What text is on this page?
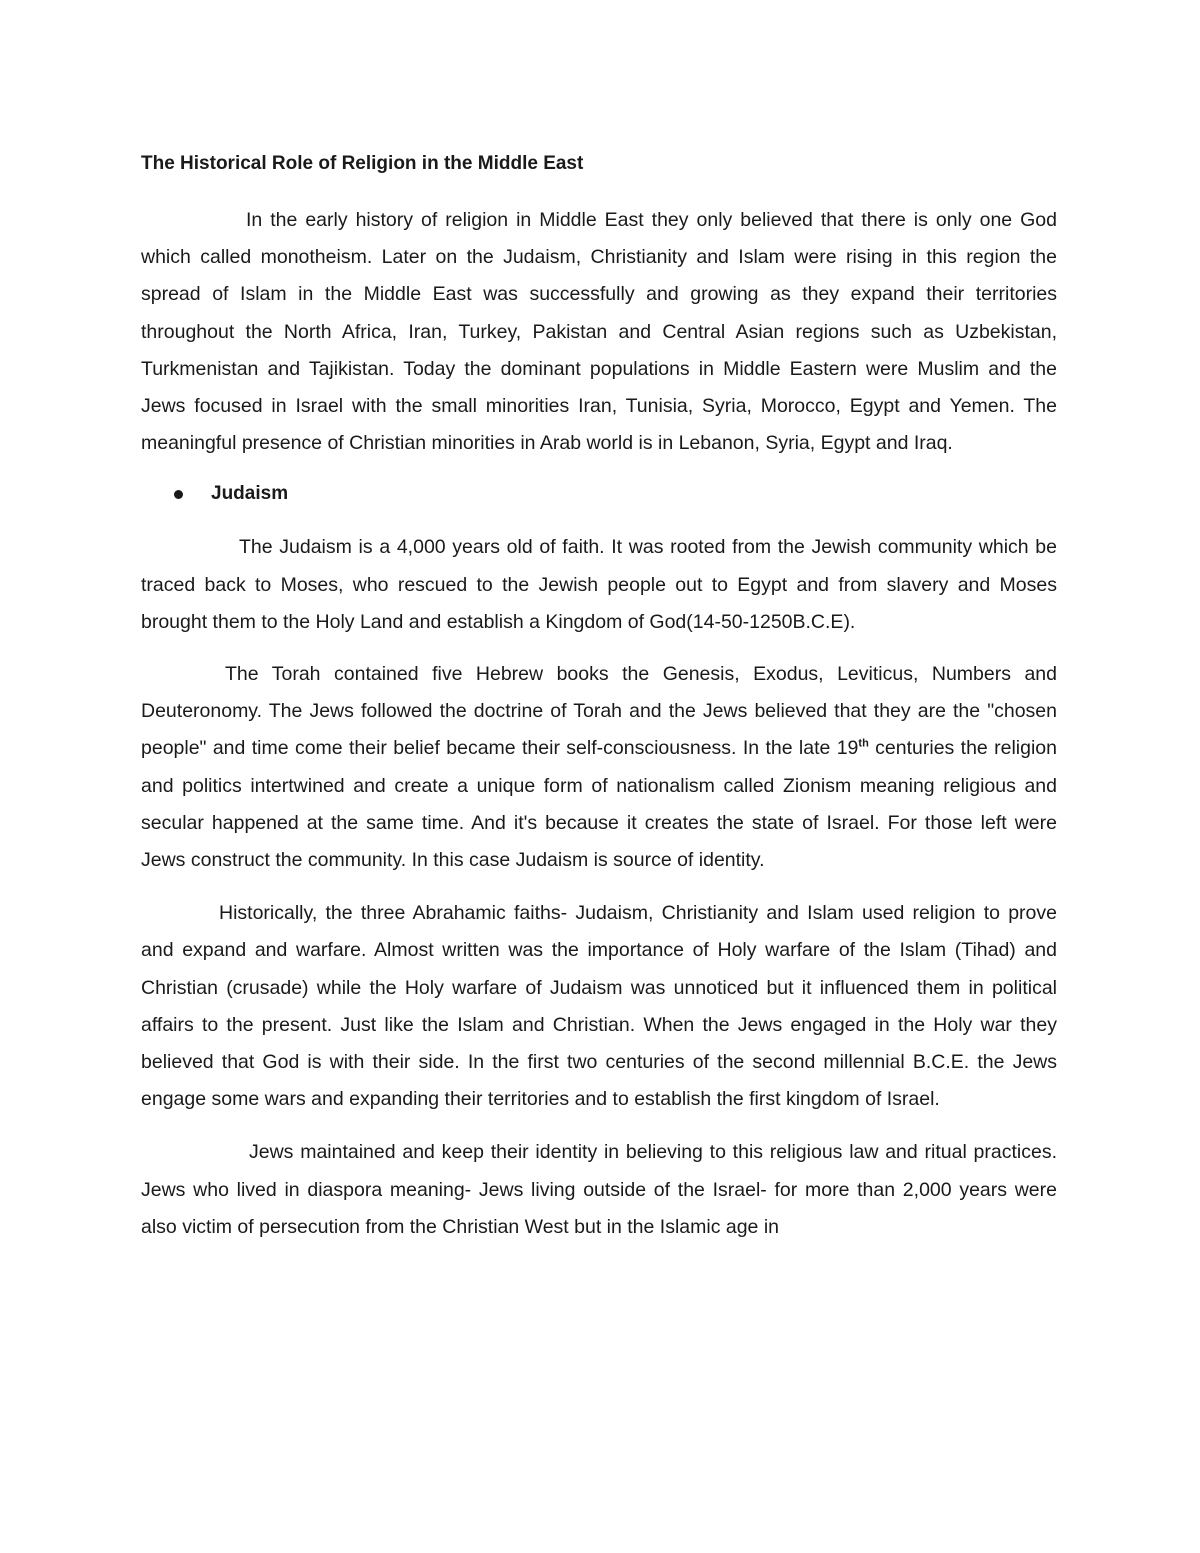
The Historical Role of Religion in the Middle East

In the early history of religion in Middle East they only believed that there is only one God which called monotheism. Later on the Judaism, Christianity and Islam were rising in this region the spread of Islam in the Middle East was successfully and growing as they expand their territories throughout the North Africa, Iran, Turkey, Pakistan and Central Asian regions such as Uzbekistan, Turkmenistan and Tajikistan. Today the dominant populations in Middle Eastern were Muslim and the Jews focused in Israel with the small minorities Iran, Tunisia, Syria, Morocco, Egypt and Yemen. The meaningful presence of Christian minorities in Arab world is in Lebanon, Syria, Egypt and Iraq.

Judaism

The Judaism is a 4,000 years old of faith. It was rooted from the Jewish community which be traced back to Moses, who rescued to the Jewish people out to Egypt and from slavery and Moses brought them to the Holy Land and establish a Kingdom of God(14-50-1250B.C.E).

The Torah contained five Hebrew books the Genesis, Exodus, Leviticus, Numbers and Deuteronomy. The Jews followed the doctrine of Torah and the Jews believed that they are the "chosen people" and time come their belief became their self-consciousness. In the late 19th centuries the religion and politics intertwined and create a unique form of nationalism called Zionism meaning religious and secular happened at the same time. And it's because it creates the state of Israel. For those left were Jews construct the community. In this case Judaism is source of identity.

Historically, the three Abrahamic faiths- Judaism, Christianity and Islam used religion to prove and expand and warfare. Almost written was the importance of Holy warfare of the Islam (Tihad) and Christian (crusade) while the Holy warfare of Judaism was unnoticed but it influenced them in political affairs to the present. Just like the Islam and Christian. When the Jews engaged in the Holy war they believed that God is with their side. In the first two centuries of the second millennial B.C.E. the Jews engage some wars and expanding their territories and to establish the first kingdom of Israel.

Jews maintained and keep their identity in believing to this religious law and ritual practices. Jews who lived in diaspora meaning- Jews living outside of the Israel- for more than 2,000 years were also victim of persecution from the Christian West but in the Islamic age in
